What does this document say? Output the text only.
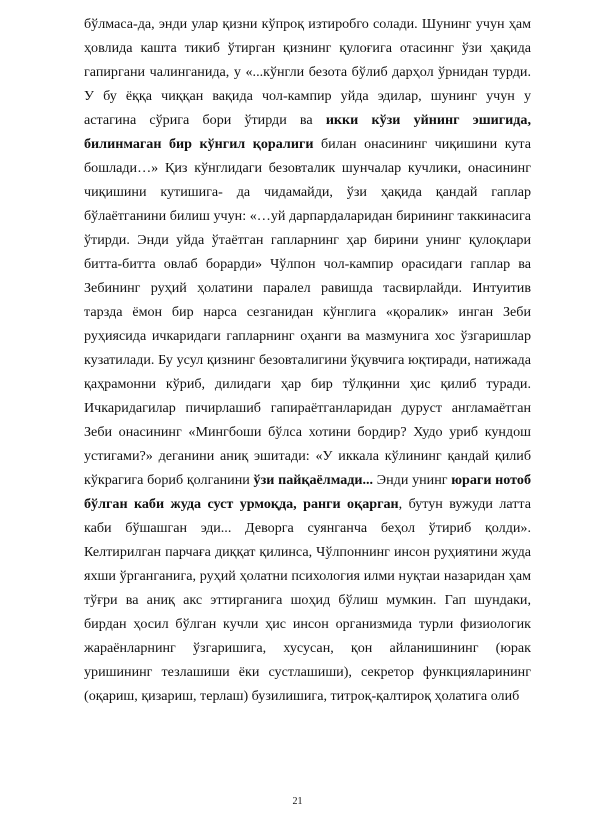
бўлмаса-да, энди улар қизни кўпроқ изтиробго солади. Шунинг учун ҳам ҳовлида кашта тикиб ўтирган қизнинг қулоғига отасиннг ўзи ҳақида гапиргани чалинганида, у «...кўнгли безота бўлиб дарҳол ўрнидан турди. У бу ёққа чиққан вақида чол-кампир уйда эдилар, шунинг учун у астагина сўрига бори ўтирди ва икки кўзи уйнинг эшигида, билинмаган бир кўнгил қоралиги билан онасининг чиқишини кута бошлади…» Қиз кўнглидаги безовталик шунчалар кучлики, онасининг чиқишини кутишига- да чидамайди, ўзи ҳақида қандай гаплар бўлаётганини билиш учун: «…уй дарпардаларидан бирининг таккинасига ўтирди. Энди уйда ўтаётган гапларнинг ҳар бирини унинг қулоқлари битта-битта овлаб борарди» Чўлпон чол-кампир орасидаги гаплар ва Зебининг руҳий ҳолатини паралел равишда тасвирлайди. Интуитив тарзда ёмон бир нарса сезганидан кўнглига «қоралик» инган Зеби руҳиясида ичкаридаги гапларнинг оҳанги ва мазмунига хос ўзгаришлар кузатилади. Бу усул қизнинг безовталигини ўқувчига юқтиради, натижада қаҳрамонни кўриб, дилидаги ҳар бир тўлқинни ҳис қилиб туради. Ичкаридагилар пичирлашиб гапираётганларидан дуруст англамаётган Зеби онасининг «Мингбоши бўлса хотини бордир? Худо уриб кундош устигами?» деганини аниқ эшитади: «У иккала кўлининг қандай қилиб кўкрагига бориб қолганини ўзи пайқаёлмади... Энди унинг юраги нотоб бўлган каби жуда суст урмоқда, ранги оқарган, бутун вужуди латта каби бўшашган эди... Деворга суянганча беҳол ўтириб қолди». Келтирилган парчаға диққат қилинса, Чўлпоннинг инсон руҳиятини жуда яхши ўрганганига, руҳий ҳолатни психология илми нуқтаи назаридан ҳам тўғри ва аниқ акс эттирганига шоҳид бўлиш мумкин. Гап шундаки, бирдан ҳосил бўлган кучли ҳис инсон организмида турли физиологик жараёнларнинг ўзгаришига, хусусан, қон айланишининг (юрак уришининг тезлашиши ёки сустлашиши), секретор функцияларининг (оқариш, қизариш, терлаш) бузилишига, титроқ-қалтироқ ҳолатига олиб

21
